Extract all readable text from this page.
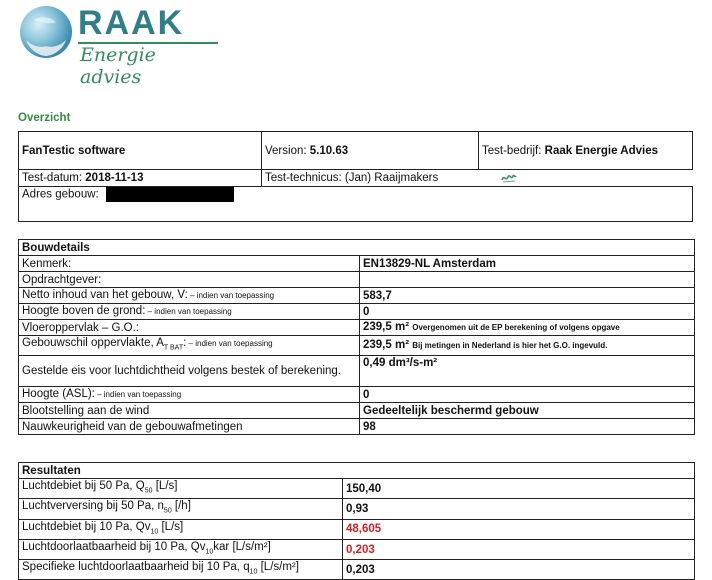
RAAK
Energie advies
Overzicht
FanTestic software	Version: 5.10.63	Test-bedrijf: Raak Energie Advies
Test-datum: 2018-11-13	Test-technicus: (Jan) Raaijmakers	
Adres gebouw:		
Bouwdetails	
Kenmerk:	EN13829-NL Amsterdam
Opdrachtgever:	
Netto inhoud van het gebouw, V: – indien van toepassing	583,7
Hoogte boven de grond: – indien van toepassing	0
Vloeroppervlak – G.O.:	239,5 m² Overgenomen uit de EP berekening of volgens opgave
Gebouwschil oppervlakte, $A_{T BAT}$: – indien van toepassing	239,5 m² Bij metingen in Nederland is hier het G.O. ingevuld.
Gestelde eis voor luchtdichtheid volgens bestek of berekening.	0,49 dm³/s-m²
Hoogte (ASL): – indien van toepassing	0
Blootstelling aan de wind	Gedeeltelijk beschermd gebouw
Nauwkeurigheid van de gebouwafmetingen	98
Resultaten	
Luchtdebiet bij 50 Pa, $Q_{50}$ [L/s]	150,40
Luchtverversing bij 50 Pa, $n_{50}$ [/h]	0,93
Luchtdebiet bij 10 Pa, $Qv_{10}$ [L/s]	48,605
Luchtdoorlaatbaarheid bij 10 Pa, $Qv_{10}kar$ [L/s/m²]	0,203
Specifieke luchtdoorlaatbaarheid bij 10 Pa, $q_{10}$ [L/s/m²]	0,203
